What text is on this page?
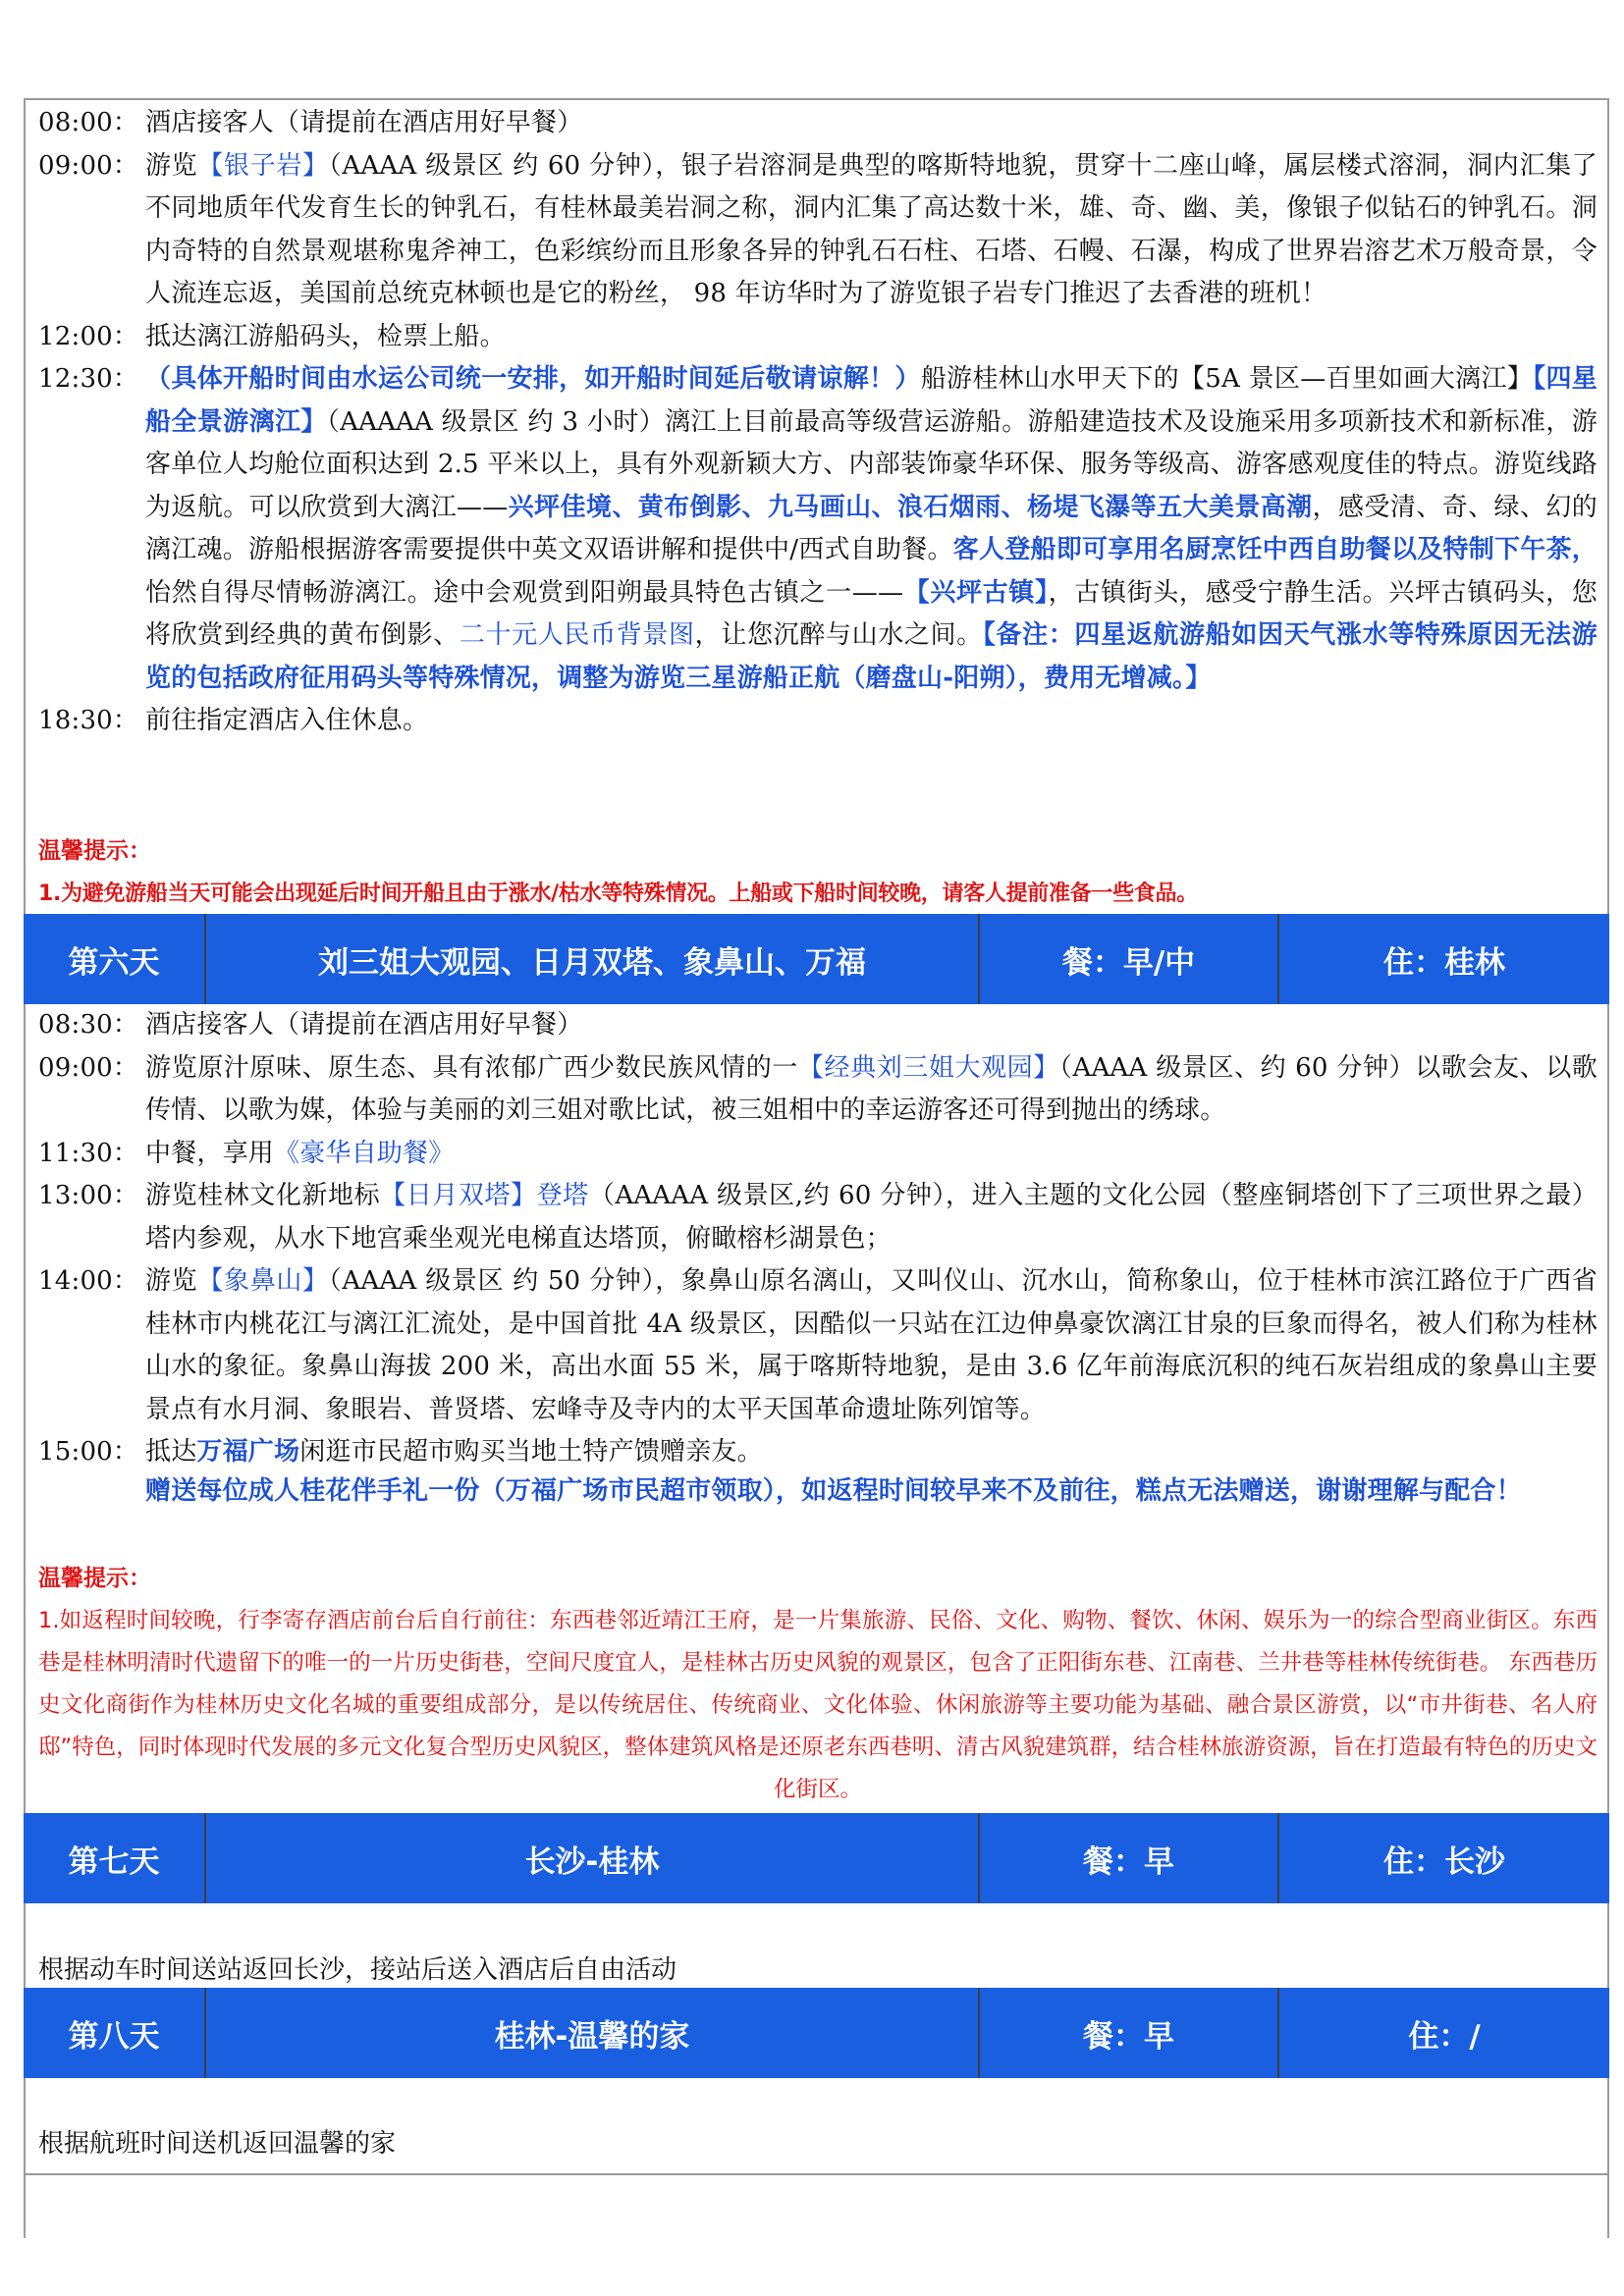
08:00： 酒店接客人（请提前在酒店用好早餐）
09:00： 游览【银子岩】（AAAA 级景区 约 60 分钟），银子岩溶洞是典型的喀斯特地貌，贯穿十二座山峰，属层楼式溶洞，洞内汇集了不同地质年代发育生长的钟乳石，有桂林最美岩洞之称，洞内汇集了高达数十米，雄、奇、幽、美，像银子似钻石的钟乳石。洞内奇特的自然景观堪称鬼斧神工，色彩缤纷而且形象各异的钟乳石石柱、石塔、石幔、石瀑，构成了世界岩溶艺术万般奇景，令人流连忘返，美国前总统克林顿也是它的粉丝， 98 年访华时为了游览银子岩专门推迟了去香港的班机！
12:00： 抵达漓江游船码头，检票上船。
12:30： （具体开船时间由水运公司统一安排，如开船时间延后敬请谅解！）船游桂林山水甲天下的【5A 景区—百里如画大漓江】【四星船全景游漓江】（AAAAA 级景区 约 3 小时）漓江上目前最高等级营运游船。游船建造技术及设施采用多项新技术和新标准，游客单位人均舱位面积达到 2.5 平米以上，具有外观新颖大方、内部装饰豪华环保、服务等级高、游客感观度佳的特点。游览线路为返航。可以欣赏到大漓江——兴坪佳境、黄布倒影、九马画山、浪石烟雨、杨堤飞瀑等五大美景高潮，感受清、奇、绿、幻的漓江魂。游船根据游客需要提供中英文双语讲解和提供中/西式自助餐。客人登船即可享用名厨烹饪中西自助餐以及特制下午茶，怡然自得尽情畅游漓江。途中会观赏到阳朔最具特色古镇之一——【兴坪古镇】，古镇街头，感受宁静生活。兴坪古镇码头，您将欣赏到经典的黄布倒影、二十元人民币背景图，让您沉醉与山水之间。【备注：四星返航游船如因天气涨水等特殊原因无法游览的包括政府征用码头等特殊情况，调整为游览三星游船正航（磨盘山-阳朔），费用无增减。】
18:30： 前往指定酒店入住休息。
温馨提示：
1.为避免游船当天可能会出现延后时间开船且由于涨水/枯水等特殊情况。上船或下船时间较晚，请客人提前准备一些食品。
第六天	刘三姐大观园、日月双塔、象鼻山、万福	餐：早/中	住：桂林
08:30： 酒店接客人（请提前在酒店用好早餐）
09:00： 游览原汁原味、原生态、具有浓郁广西少数民族风情的一【经典刘三姐大观园】（AAAA 级景区、约 60 分钟）以歌会友、以歌传情、以歌为媒，体验与美丽的刘三姐对歌比试，被三姐相中的幸运游客还可得到抛出的绣球。
11:30： 中餐，享用《豪华自助餐》
13:00： 游览桂林文化新地标【日月双塔】登塔（AAAAA 级景区,约 60 分钟），进入主题的文化公园（整座铜塔创下了三项世界之最）塔内参观，从水下地宫乘坐观光电梯直达塔顶，俯瞰榕杉湖景色；
14:00： 游览【象鼻山】（AAAA 级景区 约 50 分钟），象鼻山原名漓山，又叫仪山、沉水山，简称象山，位于桂林市滨江路位于广西省桂林市内桃花江与漓江汇流处，是中国首批 4A 级景区，因酷似一只站在江边伸鼻豪饮漓江甘泉的巨象而得名，被人们称为桂林山水的象征。象鼻山海拔 200 米，高出水面 55 米，属于喀斯特地貌，是由 3.6 亿年前海底沉积的纯石灰岩组成的象鼻山主要景点有水月洞、象眼岩、普贤塔、宏峰寺及寺内的太平天国革命遗址陈列馆等。
15:00： 抵达万福广场闲逛市民超市购买当地土特产馈赠亲友。
赠送每位成人桂花伴手礼一份（万福广场市民超市领取），如返程时间较早来不及前往，糕点无法赠送，谢谢理解与配合！
温馨提示：
1.如返程时间较晚，行李寄存酒店前台后自行前往：东西巷邻近靖江王府，是一片集旅游、民俗、文化、购物、餐饮、休闲、娱乐为一的综合型商业街区。东西巷是桂林明清时代遗留下的唯一的一片历史街巷，空间尺度宜人，是桂林古历史风貌的观景区，包含了正阳街东巷、江南巷、兰井巷等桂林传统街巷。 东西巷历史文化商街作为桂林历史文化名城的重要组成部分，是以传统居住、传统商业、文化体验、休闲旅游等主要功能为基础、融合景区游赏，以“市井街巷、名人府邸”特色，同时体现时代发展的多元文化复合型历史风貌区，整体建筑风格是还原老东西巷明、清古风貌建筑群，结合桂林旅游资源，旨在打造最有特色的历史文化街区。
第七天	长沙-桂林	餐：早	住：长沙
根据动车时间送站返回长沙，接站后送入酒店后自由活动
第八天	桂林-温馨的家	餐：早	住：/
根据航班时间送机返回温馨的家
